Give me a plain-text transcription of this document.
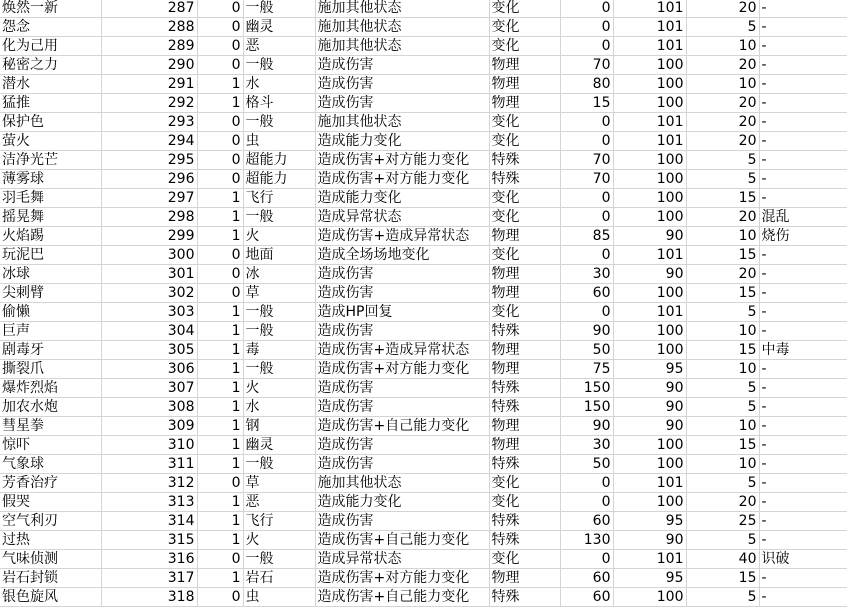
焕然一新	287	0	一般	施加其他状态	变化	0	101	20	-
怨念	288	0	幽灵	施加其他状态	变化	0	101	5	-
化为己用	289	0	恶	施加其他状态	变化	0	101	10	-
秘密之力	290	0	一般	造成伤害	物理	70	100	20	-
潜水	291	1	水	造成伤害	物理	80	100	10	-
猛推	292	1	格斗	造成伤害	物理	15	100	20	-
保护色	293	0	一般	施加其他状态	变化	0	101	20	-
萤火	294	0	虫	造成能力变化	变化	0	101	20	-
洁净光芒	295	0	超能力	造成伤害+对方能力变化	特殊	70	100	5	-
薄雾球	296	0	超能力	造成伤害+对方能力变化	特殊	70	100	5	-
羽毛舞	297	1	飞行	造成能力变化	变化	0	100	15	-
摇晃舞	298	1	一般	造成异常状态	变化	0	100	20	混乱
火焰踢	299	1	火	造成伤害+造成异常状态	物理	85	90	10	烧伤
玩泥巴	300	0	地面	造成全场场地变化	变化	0	101	15	-
冰球	301	0	冰	造成伤害	物理	30	90	20	-
尖刺臂	302	0	草	造成伤害	物理	60	100	15	-
偷懒	303	1	一般	造成HP回复	变化	0	101	5	-
巨声	304	1	一般	造成伤害	特殊	90	100	10	-
剧毒牙	305	1	毒	造成伤害+造成异常状态	物理	50	100	15	中毒
撕裂爪	306	1	一般	造成伤害+对方能力变化	物理	75	95	10	-
爆炸烈焰	307	1	火	造成伤害	特殊	150	90	5	-
加农水炮	308	1	水	造成伤害	特殊	150	90	5	-
彗星拳	309	1	钢	造成伤害+自己能力变化	物理	90	90	10	-
惊吓	310	1	幽灵	造成伤害	物理	30	100	15	-
气象球	311	1	一般	造成伤害	特殊	50	100	10	-
芳香治疗	312	0	草	施加其他状态	变化	0	101	5	-
假哭	313	1	恶	造成能力变化	变化	0	100	20	-
空气利刃	314	1	飞行	造成伤害	特殊	60	95	25	-
过热	315	1	火	造成伤害+自己能力变化	特殊	130	90	5	-
气味侦测	316	0	一般	造成异常状态	变化	0	101	40	识破
岩石封锁	317	1	岩石	造成伤害+对方能力变化	物理	60	95	15	-
银色旋风	318	0	虫	造成伤害+自己能力变化	特殊	60	100	5	-
